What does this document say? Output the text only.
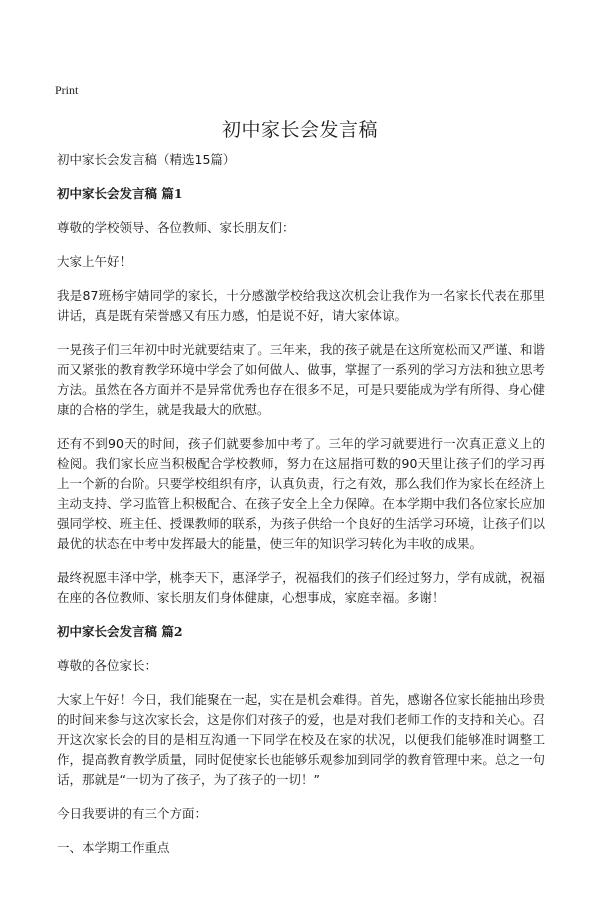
Print
初中家长会发言稿

初中家长会发言稿（精选15篇）

初中家长会发言稿 篇1

尊敬的学校领导、各位教师、家长朋友们：

大家上午好！

我是87班杨宇婧同学的家长，十分感激学校给我这次机会让我作为一名家长代表在那里讲话，真是既有荣誉感又有压力感，怕是说不好，请大家体谅。

一晃孩子们三年初中时光就要结束了。三年来，我的孩子就是在这所宽松而又严谨、和谐而又紧张的教育教学环境中学会了如何做人、做事，掌握了一系列的学习方法和独立思考方法。虽然在各方面并不是异常优秀也存在很多不足，可是只要能成为学有所得、身心健康的合格的学生，就是我最大的欣慰。

还有不到90天的时间，孩子们就要参加中考了。三年的学习就要进行一次真正意义上的检阅。我们家长应当积极配合学校教师，努力在这屈指可数的90天里让孩子们的学习再上一个新的台阶。只要学校组织有序，认真负责，行之有效，那么我们作为家长在经济上主动支持、学习监管上积极配合、在孩子安全上全力保障。在本学期中我们各位家长应加强同学校、班主任、授课教师的联系，为孩子供给一个良好的生活学习环境，让孩子们以最优的状态在中考中发挥最大的能量，使三年的知识学习转化为丰收的成果。

最终祝愿丰泽中学，桃李天下，惠泽学子，祝福我们的孩子们经过努力，学有成就，祝福在座的各位教师、家长朋友们身体健康，心想事成，家庭幸福。多谢！

初中家长会发言稿 篇2

尊敬的各位家长：

大家上午好！今日，我们能聚在一起，实在是机会难得。首先，感谢各位家长能抽出珍贵的时间来参与这次家长会，这是你们对孩子的爱，也是对我们老师工作的支持和关心。召开这次家长会的目的是相互沟通一下同学在校及在家的状况，以便我们能够准时调整工作，提高教育教学质量，同时促使家长也能够乐观参加到同学的教育管理中来。总之一句话，那就是“一切为了孩子，为了孩子的一切！”

今日我要讲的有三个方面：

一、本学期工作重点
